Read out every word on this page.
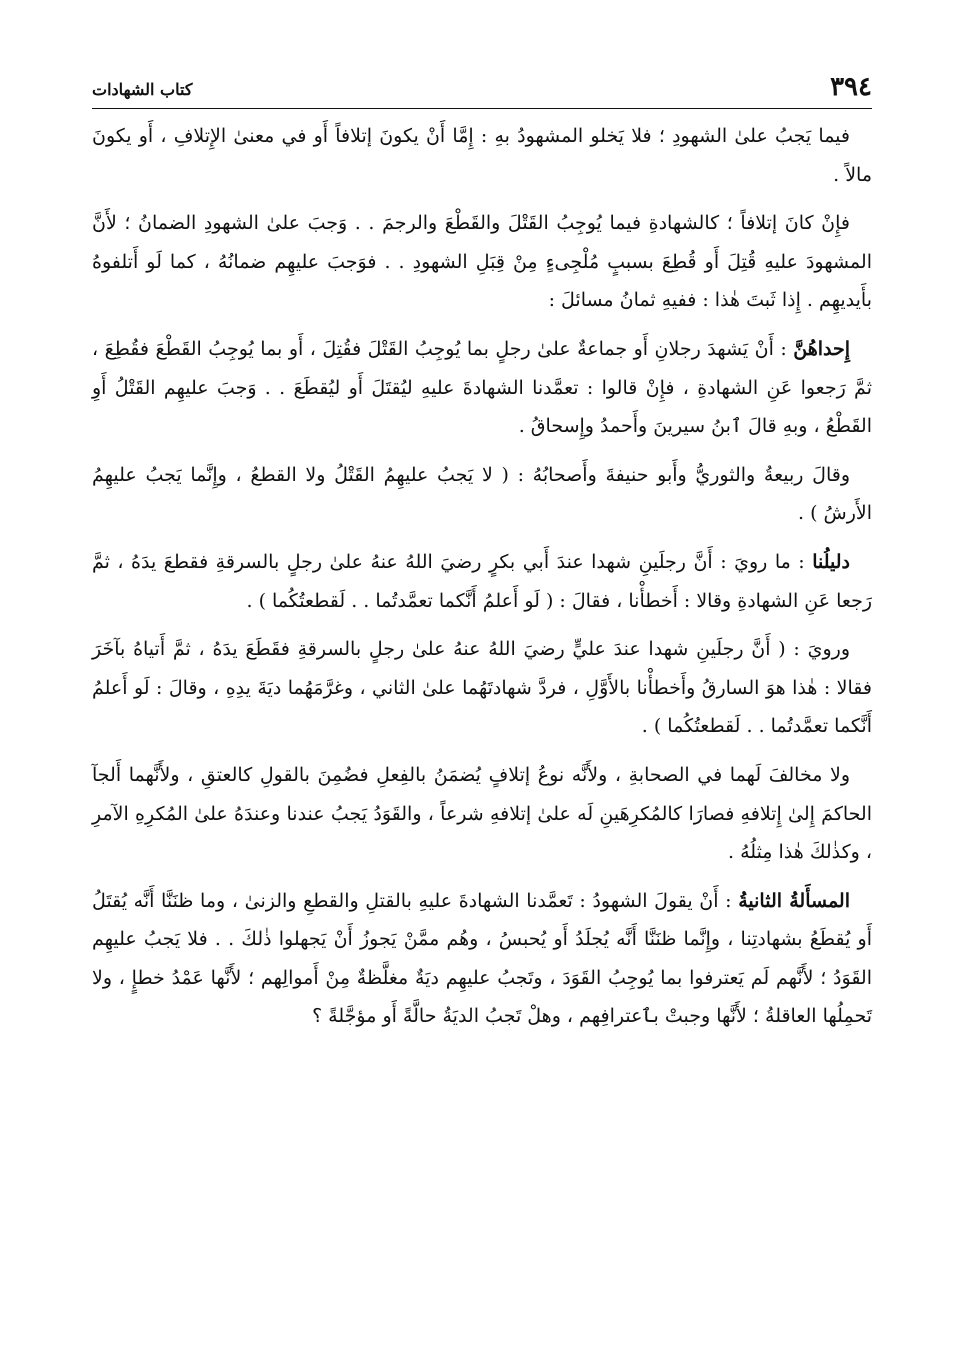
٣٩٤
كتاب الشهادات

فيما يَجبُ علىٰ الشهودِ ؛ فلا يَخلو المشهودُ بهِ : إِمَّا أَنْ يكونَ إتلافاً أَو في معنىٰ الإِتلافِ ، أَو يكونَ مالاً .

فإِنْ كانَ إتلافاً ؛ كالشهادةِ فيما يُوجِبُ القَتْلَ والقَطْعَ والرجمَ . . وَجبَ علىٰ الشهودِ الضمانُ ؛ لأَنَّ المشهودَ عليهِ قُتِلَ أَو قُطِعَ بسببٍ مُلْجِىءٍ مِنْ قِبَلِ الشهودِ . . فوَجبَ عليهِم ضمانُهُ ، كما لَو أَتلفوهُ بأَيديهِم . إِذا ثَبتَ هٰذا : ففيهِ ثمانُ مسائلَ :

إِحداهُنَّ : أَنْ يَشهدَ رجلانِ أَو جماعةٌ علىٰ رجلٍ بما يُوجِبُ القَتْلَ فقُتِلَ ، أَو بما يُوجِبُ القَطْعَ فقُطِعَ ، ثمَّ رَجعوا عَنِ الشهادةِ ، فإِنْ قالوا : تعمَّدنا الشهادةَ عليهِ ليُقتَلَ أَو ليُقطَعَ . . وَجبَ عليهِم القَتْلُ أَوِ القَطْعُ ، وبهِ قالَ ٱبنُ سيرينَ وأَحمدُ وإِسحاقُ .

وقالَ ربيعةُ والثوريُّ وأَبو حنيفةَ وأَصحابُهُ : ( لا يَجبُ عليهِمُ القَتْلُ ولا القطعُ ، وإِنَّما يَجبُ عليهِمُ الأَرشُ ) .

دليلُنا : ما رويَ : أَنَّ رجلَينِ شهدا عندَ أَبي بكرٍ رضيَ اللهُ عنهُ علىٰ رجلٍ بالسرقةِ فقطعَ يدَهُ ، ثمَّ رَجعا عَنِ الشهادةِ وقالا : أَخطأْنا ، فقالَ : ( لَو أَعلمُ أَنَّكما تعمَّدتُما . . لَقطعتُكُما ) .

ورويَ : ( أَنَّ رجلَينِ شهدا عندَ عليٍّ رضيَ اللهُ عنهُ علىٰ رجلٍ بالسرقةِ فقَطَعَ يدَهُ ، ثمَّ أَتياهُ بآخَرَ فقالا : هٰذا هوَ السارقُ وأَخطأْنا بالأَوَّلِ ، فردَّ شهادتَهُما علىٰ الثاني ، وغرَّمَهُما ديَةَ يدِهِ ، وقالَ : لَو أَعلمُ أَنَّكما تعمَّدتُما . . لَقطعتُكُما ) .

ولا مخالفَ لَهما في الصحابةِ ، ولأَنَّه نوعُ إتلافٍ يُضمَنُ بالفِعلِ فضُمِنَ بالقولِ كالعتقِ ، ولأَنَّهما أَلجآ الحاكمَ إِلىٰ إِتلافهِ فصارَا كالمُكرِهَينِ لَه علىٰ إتلافهِ شرعاً ، والقَوَدُ يَجبُ عندنا وعندَهُ علىٰ المُكرِهِ الآمرِ ، وكذٰلكَ هٰذا مِثلُهُ .

المسأَلةُ الثانيةُ : أَنْ يقولَ الشهودُ : تَعمَّدنا الشهادةَ عليهِ بالقتلِ والقطعِ والزنىٰ ، وما ظنَنَّا أَنَّه يُقتَلُ أَو يُقطَعُ بشهادتِنا ، وإِنَّما ظنَنَّا أَنَّه يُجلَدُ أَو يُحبسُ ، وهُم ممَّنْ يَجوزُ أَنْ يَجهلوا ذٰلكَ . . فلا يَجبُ عليهِم القَوَدُ ؛ لأَنَّهم لَم يَعترفوا بما يُوجِبُ القَوَدَ ، وتَجبُ عليهِم ديَةٌ مغلَّظةٌ مِنْ أَموالِهم ؛ لأَنَّها عَمْدُ خطإٍ ، ولا تَحمِلُها العاقلةُ ؛ لأَنَّها وجبتْ بٱعترافِهم ، وهلْ تَجبُ الديَةُ حالَّةً أَو مؤجَّلةً ؟
